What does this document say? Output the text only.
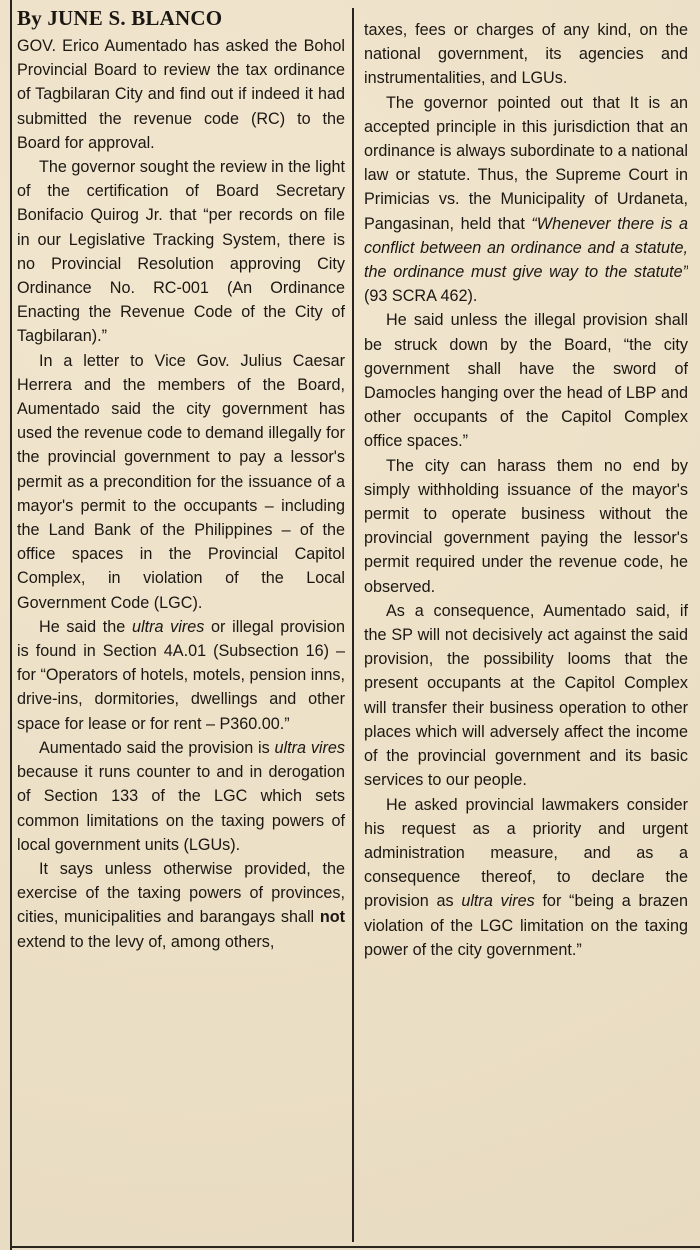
By JUNE S. BLANCO

GOV. Erico Aumentado has asked the Bohol Provincial Board to review the tax ordinance of Tagbilaran City and find out if indeed it had submitted the revenue code (RC) to the Board for approval.

The governor sought the review in the light of the certification of Board Secretary Bonifacio Quirog Jr. that “per records on file in our Legislative Tracking System, there is no Provincial Resolution approving City Ordinance No. RC-001 (An Ordinance Enacting the Revenue Code of the City of Tagbilaran).”

In a letter to Vice Gov. Julius Caesar Herrera and the members of the Board, Aumentado said the city government has used the revenue code to demand illegally for the provincial government to pay a lessor's permit as a precondition for the issuance of a mayor's permit to the occupants – including the Land Bank of the Philippines – of the office spaces in the Provincial Capitol Complex, in violation of the Local Government Code (LGC).

He said the ultra vires or illegal provision is found in Section 4A.01 (Subsection 16) –for “Operators of hotels, motels, pension inns, drive-ins, dormitories, dwellings and other space for lease or for rent – P360.00.”

Aumentado said the provision is ultra vires because it runs counter to and in derogation of Section 133 of the LGC which sets common limitations on the taxing powers of local government units (LGUs).

It says unless otherwise provided, the exercise of the taxing powers of provinces, cities, municipalities and barangays shall not extend to the levy of, among others,

taxes, fees or charges of any kind, on the national government, its agencies and instrumentalities, and LGUs.

The governor pointed out that It is an accepted principle in this jurisdiction that an ordinance is always subordinate to a national law or statute. Thus, the Supreme Court in Primicias vs. the Municipality of Urdaneta, Pangasinan, held that “Whenever there is a conflict between an ordinance and a statute, the ordinance must give way to the statute” (93 SCRA 462).

He said unless the illegal provision shall be struck down by the Board, “the city government shall have the sword of Damocles hanging over the head of LBP and other occupants of the Capitol Complex office spaces.”

The city can harass them no end by simply withholding issuance of the mayor's permit to operate business without the provincial government paying the lessor's permit required under the revenue code, he observed.

As a consequence, Aumentado said, if the SP will not decisively act against the said provision, the possibility looms that the present occupants at the Capitol Complex will transfer their business operation to other places which will adversely affect the income of the provincial government and its basic services to our people.

He asked provincial lawmakers consider his request as a priority and urgent administration measure, and as a consequence thereof, to declare the provision as ultra vires for “being a brazen violation of the LGC limitation on the taxing power of the city government.”
